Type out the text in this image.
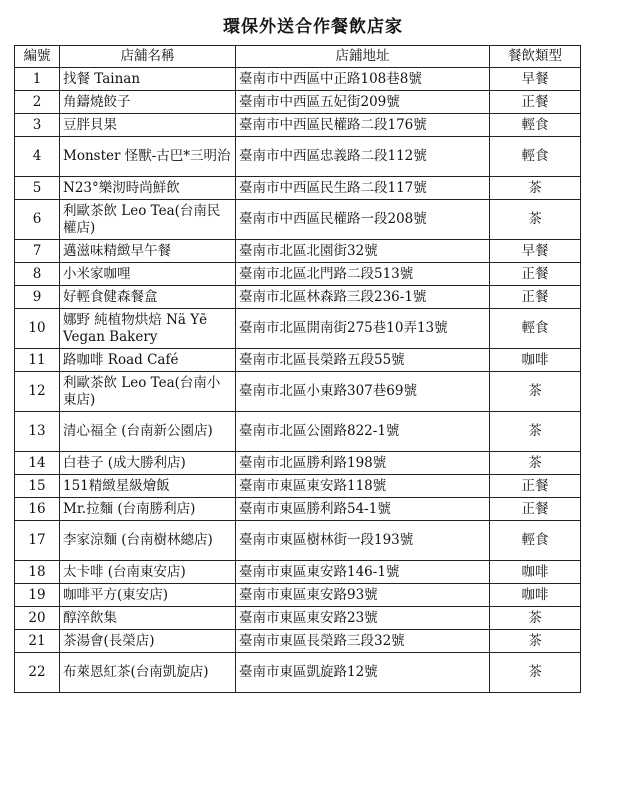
環保外送合作餐飲店家
編號	店舖名稱	店鋪地址	餐飲類型
1	找餐 Tainan	臺南市中西區中正路108巷8號	早餐
2	角鑄燒餃子	臺南市中西區五妃街209號	正餐
3	豆胖貝果	臺南市中西區民權路二段176號	輕食
4	Monster 怪獸-古巴*三明治	臺南市中西區忠義路二段112號	輕食
5	N23°樂沏時尚鮮飲	臺南市中西區民生路二段117號	茶
6	利歐茶飲 Leo Tea(台南民權店)	臺南市中西區民權路一段208號	茶
7	邁滋味精緻早午餐	臺南市北區北園街32號	早餐
8	小米家咖哩	臺南市北區北門路二段513號	正餐
9	好輕食健森餐盒	臺南市北區林森路三段236-1號	正餐
10	娜野 純植物烘焙 Nä Yē Vegan Bakery	臺南市北區開南街275巷10弄13號	輕食
11	路咖啡 Road Café	臺南市北區長榮路五段55號	咖啡
12	利歐茶飲 Leo Tea(台南小東店)	臺南市北區小東路307巷69號	茶
13	清心福全 (台南新公園店)	臺南市北區公園路822-1號	茶
14	白巷子 (成大勝利店)	臺南市北區勝利路198號	茶
15	151精緻星級燴飯	臺南市東區東安路118號	正餐
16	Mr.拉麵 (台南勝利店)	臺南市東區勝利路54-1號	正餐
17	李家涼麵 (台南樹林總店)	臺南市東區樹林街一段193號	輕食
18	太卡啡 (台南東安店)	臺南市東區東安路146-1號	咖啡
19	咖啡平方(東安店)	臺南市東區東安路93號	咖啡
20	醇淬飲集	臺南市東區東安路23號	茶
21	茶湯會(長榮店)	臺南市東區長榮路三段32號	茶
22	布萊恩紅茶(台南凱旋店)	臺南市東區凱旋路12號	茶
